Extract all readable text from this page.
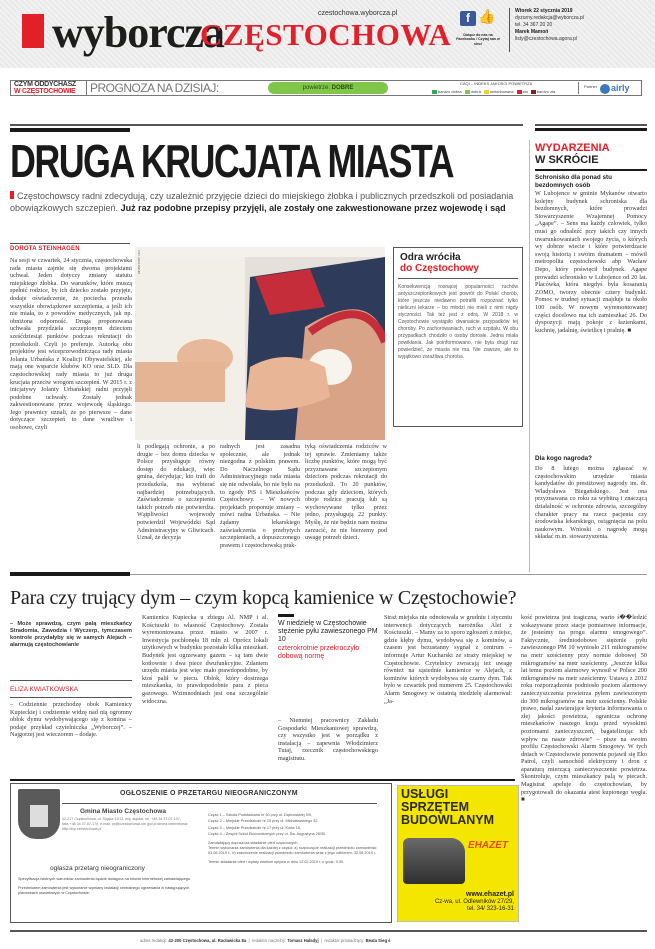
wyborcza
CZĘSTOCHOWA
czestochowa.wyborcza.pl	f 👍
Dołącz do nas na Facebooku / Czytaj nas w sieci
Wtorek 22 stycznia 2019
dyzurny.redakcja@wyborcza.pl
tel. 34 367 20 20
Marek Mamoń
listy@czestochowa.agora.pl
CZYM ODDYCHASZ
W CZĘSTOCHOWIE	PROGNOZA NA DZISIAJ:	powietrze: DOBRE
CAQI – INDEKS JAKOŚCI POWIETRZA
bardzo dobra	dobra	umiarkowana	zła	bardzo zła
Partner	airly
DRUGA KRUCJATA MIASTA
Częstochowscy radni zdecydują, czy uzależnić przyjęcie dzieci do miejskiego żłobka i publicznych przedszkoli od posiadania obowiązkowych szczepień. Już raz podobne przepisy przyjęli, ale zostały one zakwestionowane przez wojewodę i sąd
DOROTA STEINHAGEN
Na sesji w czwartek, 24 stycznia, częstochowska rada miasta zajmie się dwoma projektami uchwał. Jeden dotyczy zmiany statutu miejskiego żłobka. Do warunków, które muszą spełnić rodzice, by ich dziecko zostało przyjęte, dodaje oświadczenie, że pociecha przeszła wszystkie obowiązkowe szczepienia, a jeśli ich nie miała, to z powodów medycznych, jak np. obniżona odporność. Druga proponowana uchwała przydziela szczepionym dzieciom sześćdziesiąt punktów podczas rekrutacji do przedszkoli. Czyli jo preferuje. Autorką obu projektów jest wiceprzewodnicząca rady miasta Jolanta Urbańska z Koalicji Obywatelskiej, ale mają one wsparcie klubów KO oraz SLD. Dla częstochowskiej rady miasta to już druga krucjata przeciw wrogom szczepień. W 2015 r. z inicjatywy Jolanty Urbańskiej radni przyjęli podobne uchwały. Zostały jednak zakwestionowane przez wojewodę śląskiego. Jego prawnicy uznali, że po pierwsze – dane dotyczące szczepień to dane wrażliwe i osobowe, czyli
FOT. ARCHIWUM	Odra wróciła
do Częstochowy
Konsekwencją rosnącej popularności ruchów antyszczepionkowych jest powrót do Polski chorób, które jeszcze niedawno potrafili rozpoznać tylko nieliczni lekarze – bo młodzi nie mieli z nimi nigdy styczności. Tak też jest z odrą. W 2018 r. w Częstochowie wystąpiło dwanaście przypadków tej choroby. Po zachorowaniach, ruch w szpitalu. W obu przypadkach chodziło o osoby dorosłe. Jedna miała powikłania. Jak poinformowano, nie była drugi raz powiedzieć, że miasta nie ma. Nie zawsze, ale to wyjątkowo zaraźliwa choroba.
li podlegają ochronie, a po drugie – bez domu dziecka w Polsce przysługuje równy dostęp do edukacji, więc gmina, decydując, kto trafi do przedszkola, ma wybierać najbardziej potrzebujących. Zaświadczenie o szczepieniu takich potrzeb nie potwierdza. Wątpliwości wojewody potwierdził Wojewódzki Sąd Administracyjny w Gliwicach. Uznał, że decyzja
radnych jest zasadna społecznie, ale jednak niezgodna z polskim prawem. Do Naczelnego Sądu Administracyjnego rada miasta się nie odwołała, bo nie było na to zgody PiS i Mieszkańców Częstochowy. – W nowych projektach proponuje zmiany – mówi radna Urbańska. – Nie żądamy lekarskiego zaświadczenia o przebytych szczepieniach, a dopuszczonego prawem i częstochowską prak-
tyką oświadczenia rodziców w tej sprawie. Zmieniamy także liczbę punktów, które mogą być przyznawane szczepionym dzieciom podczas rekrutacji do przedszkoli. To 20 punktów, podczas gdy dzieciom, których oboje rodzice pracują lub są wychowywane tylko przez jedno, przysługują 22 punkty. Myślę, że nie będzie nam można zarzucić, że nie bierzemy pod uwagę potrzeb dzieci.
WYDARZENIA
W SKRÓCIE
Schronisko dla ponad stu bezdomnych osób
W Lubojence w gminie Mykanów otwarto kolejny budynek schroniska dla bezdomnych, które prowadzi Stowarzyszenie Wzajemnej Pomocy „Agape”. – Sens ma każdy człowiek, tylko musi go odnaleźć przy takich czy innych uwarunkowaniach swojego życia, o których wy dobrze wiecie i które potwierdzacie swoją historią i swoim dramatem – mówił metropolita częstochowski abp Wacław Depo, który poświęcił budynek. Agape prowadzi schronisko w Lubojence od 20 lat. Placówka, która niegdyś była kosaranią ZOMO, tworzy obecnie cztery budynki. Pomoc w trudnej sytuacji znajduje tu około 100 osób. W nowym wyremontowanej części docelowo ma ich zamieszkać 26. Do dyspozycji mają pokoje z łazienkami, kuchnię, jadalnię, świetlicę i pralnię. ■
Dla kogo nagroda?
Do 8 lutego można zgłaszać w częstochowskim urzędzie miasta kandydatów do prestiżowej nagrody im. dr. Władysława Biegańskiego. Jest ona przyznawana co roku za wybitną i znaczącą działalność w ochronie zdrowia, szczególny charakter pracy na rzecz pacjenta czy środowiska lekarskiego, osiągnięcia na polu naukowym. Wnioski o nagrodę mogą składać m.in. stowarzyszenia.
Para czy trujący dym – czym kopcą kamienice w Częstochowie?
– Może sprawdzą, czym palą mieszkańcy Stradomia, Zawodzia i Wyczerp, tymczasem kontrole przydałyby się w samych Alejach – alarmują częstochowianie
ELIZA KWIATKOWSKA
– Codziennie przechodzę obok Kamienicy Kupieckiej i codziennie widzę nad nią ogromny obłok dymu wydobywającego się z komina – podaje przykład czytelniczka „Wyborczej”. – Najgorzej jest wieczorem – dodaje.
Kamienica Kupiecka u zbiegu Al. NMP i al. Kościuszki to własność Częstochowy. Została wyremontowana przez miasto w 2007 r. Inwestycja pochłonęła 18 mln zł. Oprócz lokali użytkowych w budynku pozostało kilka mieszkań. Budynek jest ogrzewany gazem – są tam dwie kotłownie i dwa piece dwufunkcyjne. Zdaniem urzędu miasta jest więc mało prawdopodobne, by ktoś palił w piecu. Obłok, który dostrzega mieszkanka, to prawdopodobnie para z pieca gazowego. Wzimnodniach jest ona szczególnie widoczna.
W niedzielę w Częstochowie stężenie pyłu zawieszonego PM 10
czterokrotnie przekroczyło dobową normę
– Niemniej pracownicy Zakładu Gospodarki Mieszkaniowej sprawdzą, czy wszystko jest w porządku z instalacją – zapewnia Włodzimierz Tutaj, rzecznik częstochowskiego magistratu.
Straż miejska nie odnotowała w grudniu i styczniu interwencji dotyczących narożnika Alei z Kościuszki. – Mamy za to sporo zgłoszeń z miejsc, gdzie kłęby dymu, wydobywa się z kominów, a czasem jest bezustanny sygnał z centrum – informuje Artur Kucharski ze straży miejskiej w Częstochowie. Czytelnicy zwracają też uwagę również na sąsiednie kamienice w Alejach, z kominów których wydobywa się czarny dym. Tak było w czwartek pod numerem 25. Częstochowski Alarm Smogowy w ostatnią niedzielę alarmował: „Ja-
kość powietrza jest tragiczna, warto ś��ledzić wskazywane przez stacje pomiarowe informacje, że jesteśmy na progu alarmu smogowego”. Faktycznie, średniodobowe stężenie pyłu zawieszonego PM 10 wyniosło 211 mikrogramów na metr sześcienny przy normie dobowej 50 mikrogramów na metr sześcienny. „Jeszcze kilka lat temu poziom alarmowy wynosił w Polsce 200 mikrogramów na metr sześcienny. Ustawą z 2012 roku rozporządzenie podniosło poziom alarmowy zanieczyszczenia powietrza pyłem zawieszonym do 300 mikrogramów na metr sześcienny. Polskie prawo, nadal zawierające kryteria informowania o złej jakości powietrza, ogranicza ochronę mieszkańców naszego kraju przed wysokimi poziomami zanieczyszczeń, bagatelizując ich wpływ na nasze zdrowie” – pisze na swoim profilu Częstochowski Alarm Smogowy. W tych dniach w Częstochowie ponownie pojawił się Eko Patrol, czyli samochód elektryczny i dron z aparaturą mierzącą zanieczyszczenie powietrza. Skontroluje, czym mieszkańcy palą w piecach. Magistrat apeluje do częstochowian, by przygotowali do okazania atest kupionego węgla. ■
OGŁOSZENIE O PRZETARGU NIEOGRANICZONYM
Gmina Miasto Częstochowa
42-217 Częstochowa, ul. Śląska 11/13, woj. śląskie, tel. +48 34 37-07-107, faks +48 34 37-07-170, e-mail: zp@czestochowa.um.gov.pl strona internetowa: http://bip.czestochowa.pl
ogłasza przetarg nieograniczony
Specyfikacja istotnych warunków zamówienia będzie dostępna na stronie internetowej zamawiającego.
Przedmiotem zamówienia jest wykonanie wymiany instalacji centralnego ogrzewania w następujących placówkach oświatowych w Częstochowie:
Część 1 – Szkoła Podstawowa nr 30 przy ul. Dąbrowskiej 5/9,
Część 2 – Miejskie Przedszkole nr 15 przy ul. Michałowskiego 32,
Część 3 – Miejskie Przedszkole nr 17 przy ul. Korta 18,
Część 4 – Zespół Szkół Ekonomicznych przy ul. Św. Augustyna 28/30.
Zamawiający dopuszcza składanie ofert częściowych.
Termin wykonania zamówienia dla każdej z części: a) rozpoczęcie realizacji przedmiotu zamówienia: 03.06.2019 r., b) zakończenie realizacji przedmiotu zamówienia wraz z jego odbiorem: 30.08.2019 r.
Termin składania ofert i wpłaty wadium upływa w dniu 12.02.2019 r. o godz. 9:30.
USŁUGI
SPRZĘTEM
BUDOWLANYM
EHAZET
www.ehazet.pl
Cz-wa, ul. Odlewników 27/29,
tel. 34/ 323-16-31
adres redakcji: 42-200 Częstochowa, ul. Racławicka 8a  |  redaktor naczelny: Tomasz Haładyj  |  redaktor prowadzący: Beata Sieg ś
